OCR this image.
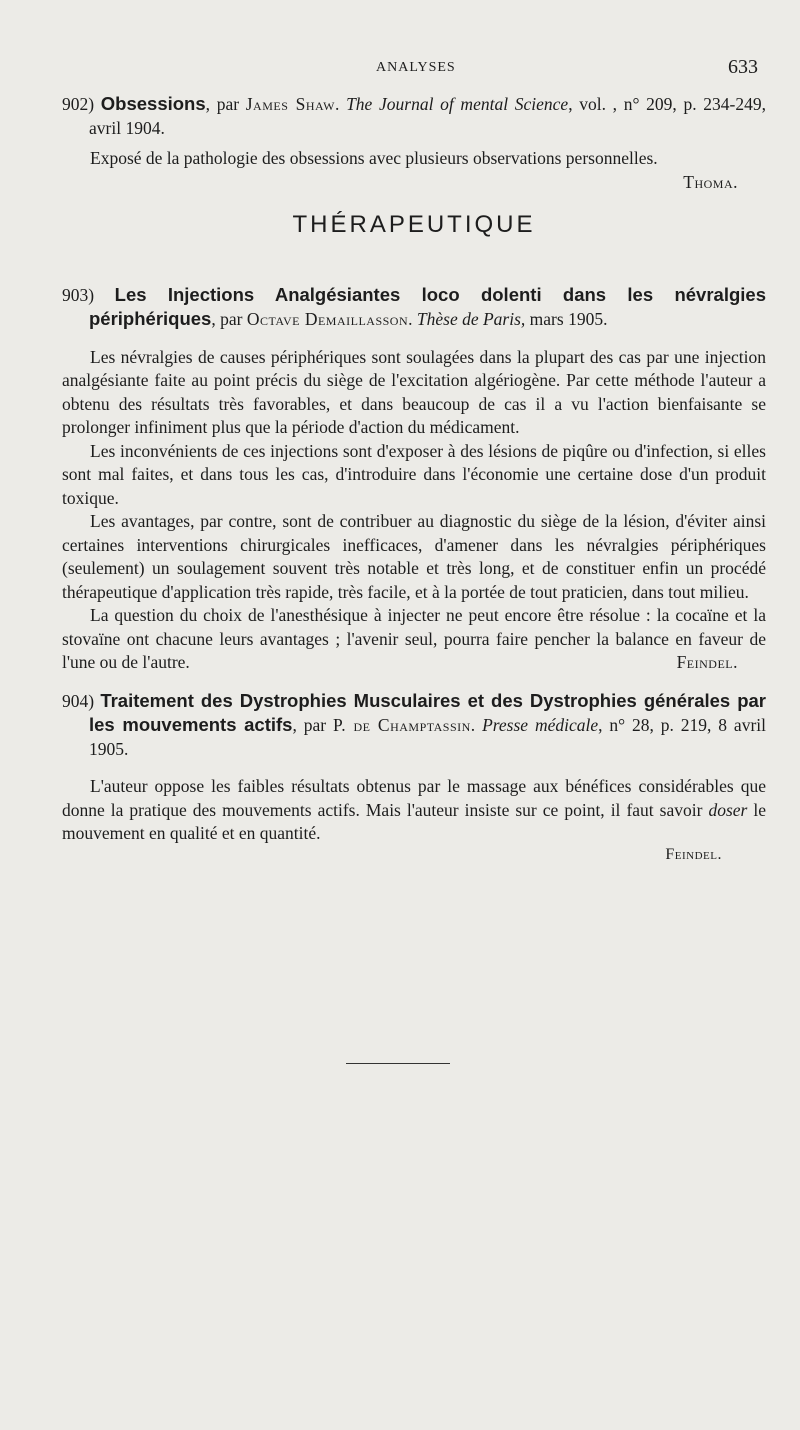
ANALYSES	633
902) Obsessions, par James Shaw. The Journal of mental Science, vol. , n° 209, p. 234-249, avril 1904.

Exposé de la pathologie des obsessions avec plusieurs observations personnelles.
Thoma.

THÉRAPEUTIQUE
903) Les Injections Analgésiantes loco dolenti dans les névralgies périphériques, par Octave Demaillasson. Thèse de Paris, mars 1905.

Les névralgies de causes périphériques sont soulagées dans la plupart des cas par une injection analgésiante faite au point précis du siège de l'excitation algériogène. Par cette méthode l'auteur a obtenu des résultats très favorables, et dans beaucoup de cas il a vu l'action bienfaisante se prolonger infiniment plus que la période d'action du médicament.

Les inconvénients de ces injections sont d'exposer à des lésions de piqûre ou d'infection, si elles sont mal faites, et dans tous les cas, d'introduire dans l'économie une certaine dose d'un produit toxique.

Les avantages, par contre, sont de contribuer au diagnostic du siège de la lésion, d'éviter ainsi certaines interventions chirurgicales inefficaces, d'amener dans les névralgies périphériques (seulement) un soulagement souvent très notable et très long, et de constituer enfin un procédé thérapeutique d'application très rapide, très facile, et à la portée de tout praticien, dans tout milieu.

La question du choix de l'anesthésique à injecter ne peut encore être résolue : la cocaïne et la stovaïne ont chacune leurs avantages ; l'avenir seul, pourra faire pencher la balance en faveur de l'une ou de l'autre.	Feindel.

904) Traitement des Dystrophies Musculaires et des Dystrophies générales par les mouvements actifs, par P. de Champtassin. Presse médicale, n° 28, p. 219, 8 avril 1905.

L'auteur oppose les faibles résultats obtenus par le massage aux bénéfices considérables que donne la pratique des mouvements actifs. Mais l'auteur insiste sur ce point, il faut savoir doser le mouvement en qualité et en quantité.

Feindel.
